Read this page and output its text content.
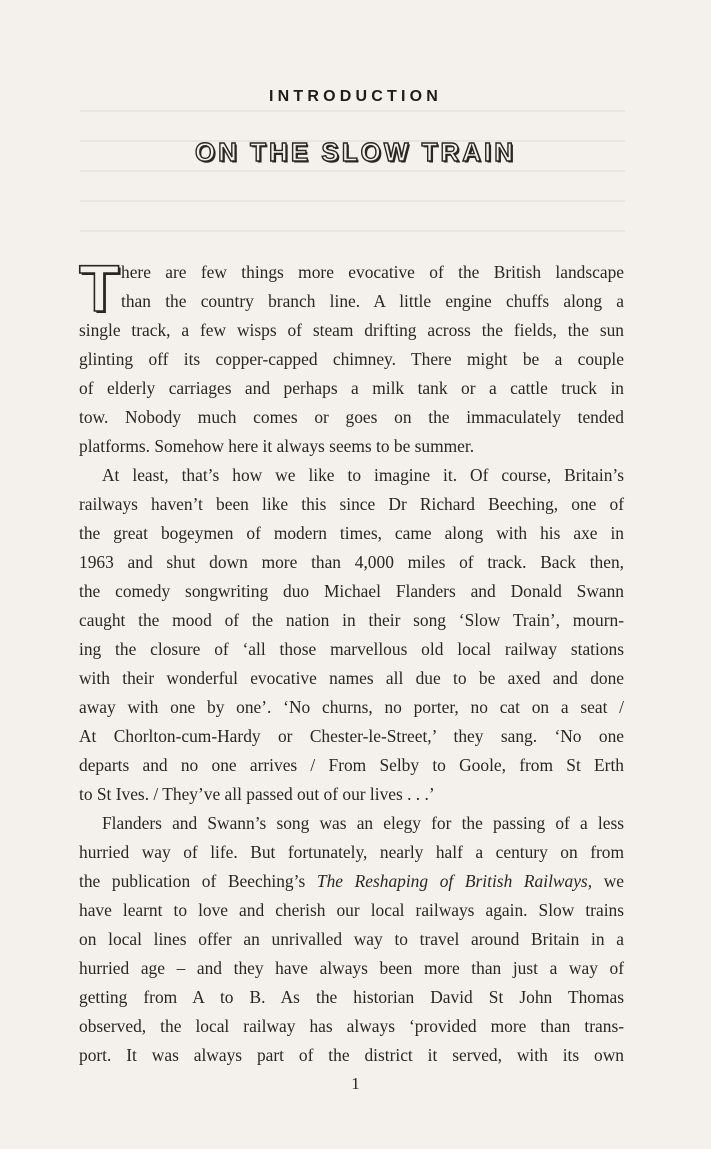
INTRODUCTION
ON THE SLOW TRAIN
T here are few things more evocative of the British landscape
than the country branch line. A little engine chuffs along a
single track, a few wisps of steam drifting across the fields, the sun
glinting off its copper-capped chimney. There might be a couple
of elderly carriages and perhaps a milk tank or a cattle truck in
tow. Nobody much comes or goes on the immaculately tended
platforms. Somehow here it always seems to be summer.
At least, that’s how we like to imagine it. Of course, Britain’s
railways haven’t been like this since Dr Richard Beeching, one of
the great bogeymen of modern times, came along with his axe in
1963 and shut down more than 4,000 miles of track. Back then,
the comedy songwriting duo Michael Flanders and Donald Swann
caught the mood of the nation in their song ‘Slow Train’, mourn-
ing the closure of ‘all those marvellous old local railway stations
with their wonderful evocative names all due to be axed and done
away with one by one’. ‘No churns, no porter, no cat on a seat /
At Chorlton-cum-Hardy or Chester-le-Street,’ they sang. ‘No one
departs and no one arrives / From Selby to Goole, from St Erth
to St Ives. / They’ve all passed out of our lives . . .’
Flanders and Swann’s song was an elegy for the passing of a less
hurried way of life. But fortunately, nearly half a century on from
the publication of Beeching’s The Reshaping of British Railways, we
have learnt to love and cherish our local railways again. Slow trains
on local lines offer an unrivalled way to travel around Britain in a
hurried age – and they have always been more than just a way of
getting from A to B. As the historian David St John Thomas
observed, the local railway has always ‘provided more than trans-
port. It was always part of the district it served, with its own
1
